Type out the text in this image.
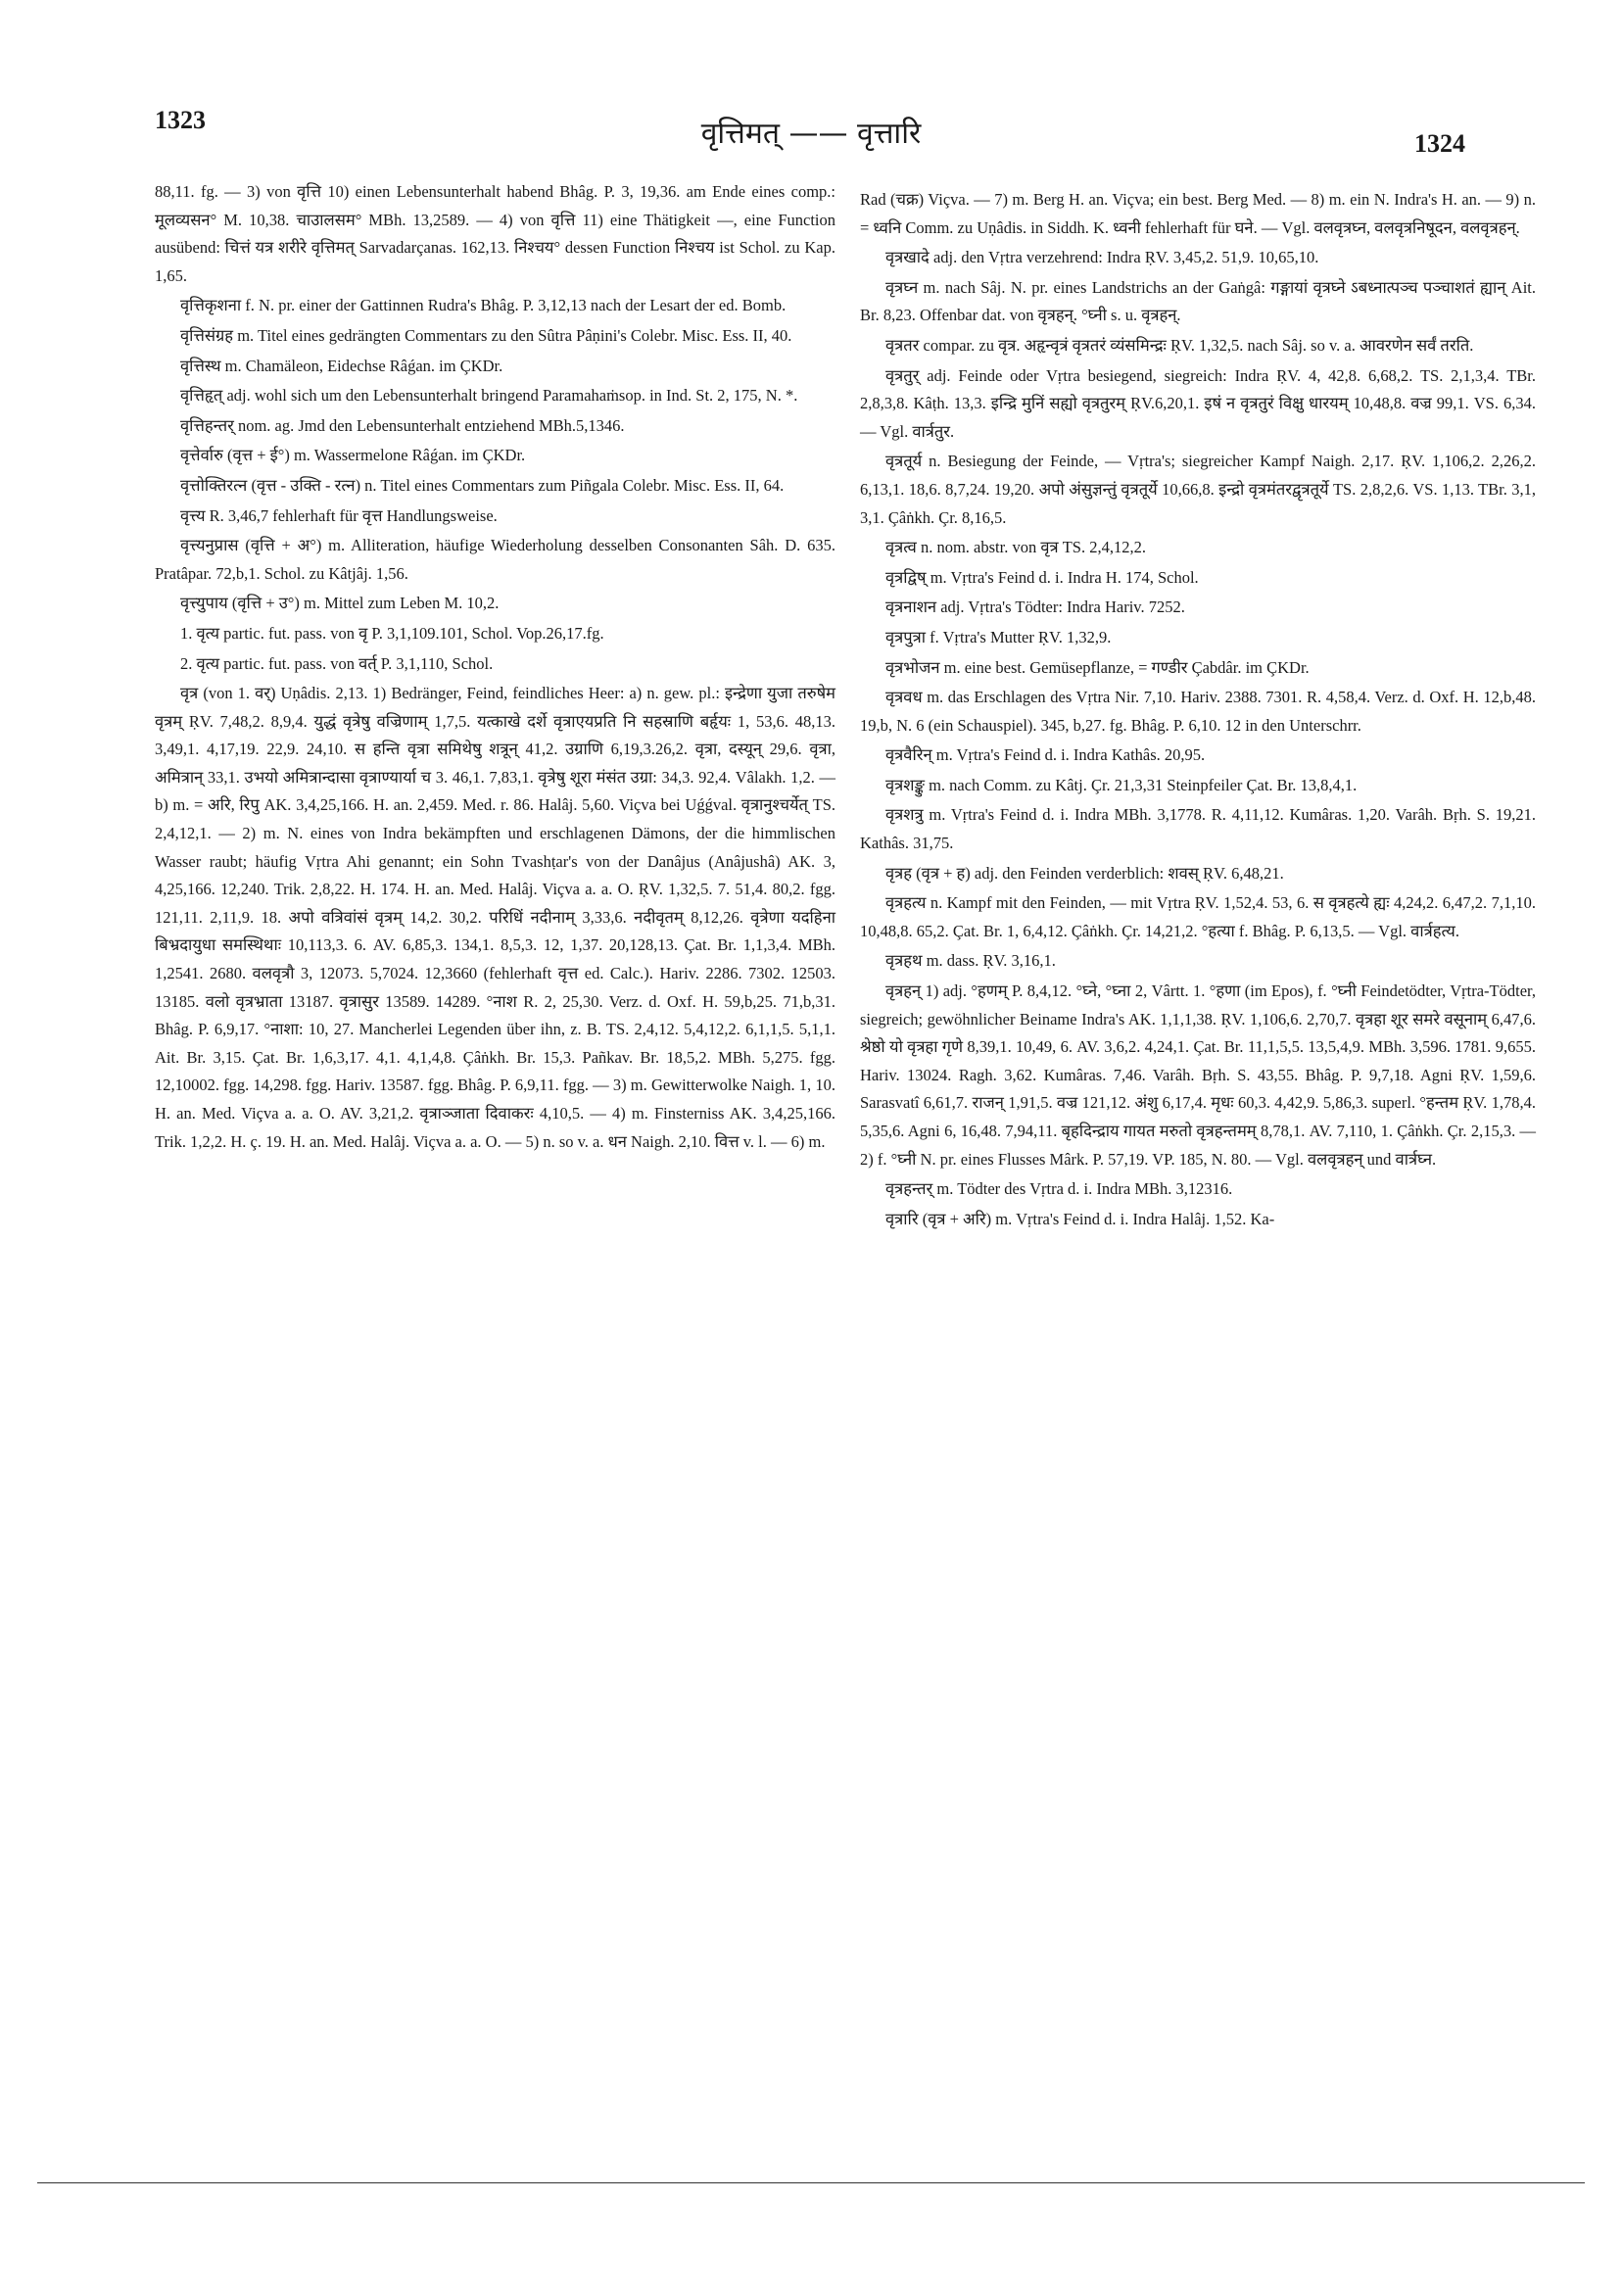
1323	वृत्तिमत् —— वृत्तारि	1324

88,11. fg. — 3) von वृत्ति 10) einen Lebensunterhalt habend Bhâg. P. 3, 19,36. am Ende eines comp.: मूलव्यसन° M. 10,38. चाउालसम° MBh. 13,2589. — 4) von वृत्ति 11) eine Thätigkeit —, eine Function ausübend: चित्तं यत्र शरीरे वृत्तिमत् Sarvadarçanas. 162,13. निश्चय° dessen Function निश्चय ist Schol. zu Kap. 1,65.

वृत्तिकृशना f. N. pr. einer der Gattinnen Rudra's Bhâg. P. 3,12,13 nach der Lesart der ed. Bomb.

वृत्तिसंग्रह m. Titel eines gedrängten Commentars zu den Sûtra Pâṇini's Colebr. Misc. Ess. II, 40.

वृत्तिस्थ m. Chamäleon, Eidechse Râǵan. im ÇKDr.

वृत्तिहृत् adj. wohl sich um den Lebensunterhalt bringend Paramahaṁsop. in Ind. St. 2, 175, N. *.

वृत्तिहन्तर् nom. ag. Jmd den Lebensunterhalt entziehend MBh.5,1346.

वृत्तेर्वारु (वृत्त + ई°) m. Wassermelone Râǵan. im ÇKDr.

वृत्तोक्तिरत्न (वृत्त - उक्ति - रत्न) n. Titel eines Commentars zum Piñgala Colebr. Misc. Ess. II, 64.

वृत्त्य R. 3,46,7 fehlerhaft für वृत्त Handlungsweise.

वृत्त्यनुप्रास (वृत्ति + अ°) m. Alliteration, häufige Wiederholung desselben Consonanten Sâh. D. 635. Pratâpar. 72,b,1. Schol. zu Kâtjâj. 1,56.

वृत्त्युपाय (वृत्ति + उ°) m. Mittel zum Leben M. 10,2.

1. वृत्य partic. fut. pass. von वृ P. 3,1,109.101, Schol. Vop.26,17.fg.

2. वृत्य partic. fut. pass. von वर्त् P. 3,1,110, Schol.

वृत्र (von 1. वर्) Uṇâdis. 2,13. 1) Bedränger, Feind, feindliches Heer: a) n. gew. pl.: इन्द्रेणा युजा तरुषेम वृत्रम् ṚV. 7,48,2. 8,9,4. युद्धं वृत्रेषु वज्रिणाम् 1,7,5. यत्काखे दर्शे वृत्राएयप्रति नि सहस्राणि बर्हृयः 1, 53,6. 48,13. 3,49,1. 4,17,19. 22,9. 24,10. स हन्ति वृत्रा समिथेषु शत्रून् 41,2. उग्राणि 6,19,3.26,2. वृत्रा, दस्यून् 29,6. वृत्रा, अमित्रान् 33,1. उभयो अमित्रान्दासा वृत्राण्यार्या च 3. 46,1. 7,83,1. वृत्रेषु शूरा मंसंत उग्रा: 34,3. 92,4. Vâlakh. 1,2. — b) m. = अरि, रिपु AK. 3,4,25,166. H. an. 2,459. Med. r. 86. Halâj. 5,60. Viçva bei Uǵǵval. वृत्रानुश्चर्येत् TS. 2,4,12,1. — 2) m. N. eines von Indra bekämpften und erschlagenen Dämons, der die himmlischen Wasser raubt; häufig Vṛtra Ahi genannt; ein Sohn Tvashṭar's von der Danâjus (Anâjushâ) AK. 3, 4,25,166. 12,240. Trik. 2,8,22. H. 174. H. an. Med. Halâj. Viçva a. a. O. ṚV. 1,32,5. 7. 51,4. 80,2. fgg. 121,11. 2,11,9. 18. अपो वत्रिवांसं वृत्रम् 14,2. 30,2. परिधिं नदीनाम् 3,33,6. नदीवृतम् 8,12,26. वृत्रेणा यदहिना बिभ्रदायुधा समस्थिथाः 10,113,3. 6. AV. 6,85,3. 134,1. 8,5,3. 12, 1,37. 20,128,13. Çat. Br. 1,1,3,4. MBh. 1,2541. 2680. वलवृत्रौ 3, 12073. 5,7024. 12,3660 (fehlerhaft वृत्त ed. Calc.). Hariv. 2286. 7302. 12503. 13185. वलो वृत्रभ्राता 13187. वृत्रासुर 13589. 14289. °नाश R. 2, 25,30. Verz. d. Oxf. H. 59,b,25. 71,b,31. Bhâg. P. 6,9,17. °नाशा: 10, 27. Mancherlei Legenden über ihn, z. B. TS. 2,4,12. 5,4,12,2. 6,1,1,5. 5,1,1. Ait. Br. 3,15. Çat. Br. 1,6,3,17. 4,1. 4,1,4,8. Çâṅkh. Br. 15,3. Pañkav. Br. 18,5,2. MBh. 5,275. fgg. 12,10002. fgg. 14,298. fgg. Hariv. 13587. fgg. Bhâg. P. 6,9,11. fgg. — 3) m. Gewitterwolke Naigh. 1, 10. H. an. Med. Viçva a. a. O. AV. 3,21,2. वृत्राञ्जाता दिवाकरः 4,10,5. — 4) m. Finsterniss AK. 3,4,25,166. Trik. 1,2,2. H. ç. 19. H. an. Med. Halâj. Viçva a. a. O. — 5) n. so v. a. धन Naigh. 2,10. वित्त v. l. — 6) m.

Rad (चक्र) Viçva. — 7) m. Berg H. an. Viçva; ein best. Berg Med. — 8) m. ein N. Indra's H. an. — 9) n. = ध्वनि Comm. zu Uṇâdis. in Siddh. K. ध्वनी fehlerhaft für घने. — Vgl. वलवृत्रघ्न, वलवृत्रनिषूदन, वलवृत्रहन्.

वृत्रखादे adj. den Vṛtra verzehrend: Indra ṚV. 3,45,2. 51,9. 10,65,10.

वृत्रघ्न m. nach Sâj. N. pr. eines Landstrichs an der Gaṅgâ: गङ्गायां वृत्रघ्ने ऽबध्नात्पञ्च पञ्चाशतं ह्यान् Ait. Br. 8,23. Offenbar dat. von वृत्रहन्. °घ्नी s. u. वृत्रहन्.

वृत्रतर compar. zu वृत्र. अहृन्वृत्रं वृत्रतरं व्यंसमिन्द्रः ṚV. 1,32,5. nach Sâj. so v. a. आवरणेन सर्वं तरति.

वृत्रतुर् adj. Feinde oder Vṛtra besiegend, siegreich: Indra ṚV. 4, 42,8. 6,68,2. TS. 2,1,3,4. TBr. 2,8,3,8. Kâṭh. 13,3. इन्द्रि मुनिं सह्यो वृत्रतुरम् ṚV.6,20,1. इषं न वृत्रतुरं विक्षु धारयम् 10,48,8. वज्र 99,1. VS. 6,34. — Vgl. वार्त्रतुर.

वृत्रतूर्य n. Besiegung der Feinde, — Vṛtra's; siegreicher Kampf Naigh. 2,17. ṚV. 1,106,2. 2,26,2. 6,13,1. 18,6. 8,7,24. 19,20. अपो अंसुज्ञन्तुं वृत्रतूर्ये 10,66,8. इन्द्रो वृत्रमंतरद्वृत्रतूर्ये TS. 2,8,2,6. VS. 1,13. TBr. 3,1, 3,1. Çâṅkh. Çr. 8,16,5.

वृत्रत्व n. nom. abstr. von वृत्र TS. 2,4,12,2.

वृत्रद्विष् m. Vṛtra's Feind d. i. Indra H. 174, Schol.

वृत्रनाशन adj. Vṛtra's Tödter: Indra Hariv. 7252.

वृत्रपुत्रा f. Vṛtra's Mutter ṚV. 1,32,9.

वृत्रभोजन m. eine best. Gemüsepflanze, = गण्डीर Çabdâr. im ÇKDr.

वृत्रवध m. das Erschlagen des Vṛtra Nir. 7,10. Hariv. 2388. 7301. R. 4,58,4. Verz. d. Oxf. H. 12,b,48. 19,b, N. 6 (ein Schauspiel). 345, b,27. fg. Bhâg. P. 6,10. 12 in den Unterschrr.

वृत्रवैरिन् m. Vṛtra's Feind d. i. Indra Kathâs. 20,95.

वृत्रशङ्कु m. nach Comm. zu Kâtj. Çr. 21,3,31 Steinpfeiler Çat. Br. 13,8,4,1.

वृत्रशत्रु m. Vṛtra's Feind d. i. Indra MBh. 3,1778. R. 4,11,12. Kumâras. 1,20. Varâh. Bṛh. S. 19,21. Kathâs. 31,75.

वृत्रह (वृत्र + ह) adj. den Feinden verderblich: शवस् ṚV. 6,48,21.

वृत्रहत्य n. Kampf mit den Feinden, — mit Vṛtra ṚV. 1,52,4. 53, 6. स वृत्रहत्ये ह्यः 4,24,2. 6,47,2. 7,1,10. 10,48,8. 65,2. Çat. Br. 1, 6,4,12. Çâṅkh. Çr. 14,21,2. °हत्या f. Bhâg. P. 6,13,5. — Vgl. वार्त्रहत्य.

वृत्रहथ m. dass. ṚV. 3,16,1.

वृत्रहन् 1) adj. °हणम् P. 8,4,12. °घ्ने, °घ्ना 2, Vârtt. 1. °हणा (im Epos), f. °घ्नी Feindetödter, Vṛtra-Tödter, siegreich; gewöhnlicher Beiname Indra's AK. 1,1,1,38. ṚV. 1,106,6. 2,70,7. वृत्रहा शूर समरे वसूनाम् 6,47,6. श्रेष्ठो यो वृत्रहा गृणे 8,39,1. 10,49, 6. AV. 3,6,2. 4,24,1. Çat. Br. 11,1,5,5. 13,5,4,9. MBh. 3,596. 1781. 9,655. Hariv. 13024. Ragh. 3,62. Kumâras. 7,46. Varâh. Bṛh. S. 43,55. Bhâg. P. 9,7,18. Agni ṚV. 1,59,6. Sarasvatî 6,61,7. राजन् 1,91,5. वज्र 121,12. अंशु 6,17,4. मृधः 60,3. 4,42,9. 5,86,3. superl. °हन्तम ṚV. 1,78,4. 5,35,6. Agni 6, 16,48. 7,94,11. बृहदिन्द्राय गायत मरुतो वृत्रहन्तमम् 8,78,1. AV. 7,110, 1. Çâṅkh. Çr. 2,15,3. — 2) f. °घ्नी N. pr. eines Flusses Mârk. P. 57,19. VP. 185, N. 80. — Vgl. वलवृत्रहन् und वार्त्रघ्न.

वृत्रहन्तर् m. Tödter des Vṛtra d. i. Indra MBh. 3,12316.

वृत्रारि (वृत्र + अरि) m. Vṛtra's Feind d. i. Indra Halâj. 1,52. Ka-
